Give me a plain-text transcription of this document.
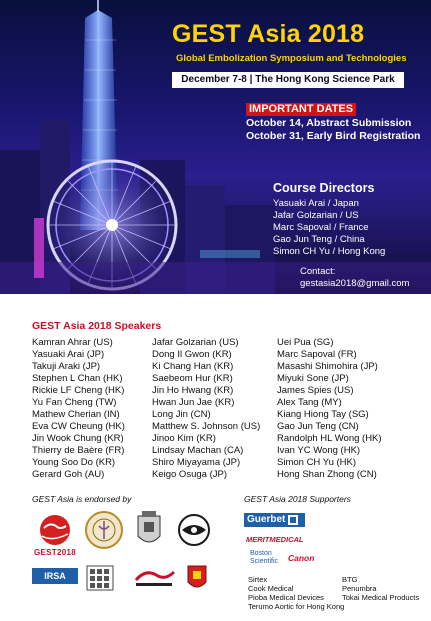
GEST Asia 2018
Global Embolization Symposium and Technologies
December 7-8 | The Hong Kong Science Park
IMPORTANT DATES
October 14, Abstract Submission
October 31, Early Bird Registration
Course Directors
Yasuaki Arai / Japan
Jafar Golzarian / US
Marc Sapoval / France
Gao Jun Teng / China
Simon CH Yu / Hong Kong
Contact:
gestasia2018@gmail.com
GEST Asia 2018 Speakers
Kamran Ahrar (US)
Yasuaki Arai (JP)
Takuji Araki (JP)
Stephen L Chan (HK)
Rickie LF Cheng (HK)
Yu Fan Cheng (TW)
Mathew Cherian (IN)
Eva CW Cheung (HK)
Jin Wook Chung (KR)
Thierry de Baère (FR)
Young Soo Do (KR)
Gerard Goh (AU)
Jafar Golzarian (US)
Dong Il Gwon (KR)
Ki Chang Han (KR)
Saebeom Hur (KR)
Jin Ho Hwang (KR)
Hwan Jun Jae (KR)
Long Jin (CN)
Matthew S. Johnson (US)
Jinoo Kim (KR)
Lindsay Machan (CA)
Shiro Miyayama (JP)
Keigo Osuga (JP)
Uei Pua (SG)
Marc Sapoval (FR)
Masashi Shimohira (JP)
Miyuki Sone (JP)
James Spies (US)
Alex Tang (MY)
Kiang Hiong Tay (SG)
Gao Jun Teng (CN)
Randolph HL Wong (HK)
Ivan YC Wong (HK)
Simon CH Yu (HK)
Hong Shan Zhong (CN)
GEST Asia is endorsed by
GEST2018
IRSA
GEST Asia 2018 Supporters
Guerbet
MERITMEDICAL
Boston Scientific	Canon
Sirtex
Cook Medical
Pioba Medical Devices
Terumo Aortic for Hong Kong
BTG
Penumbra
Tokai Medical Products
